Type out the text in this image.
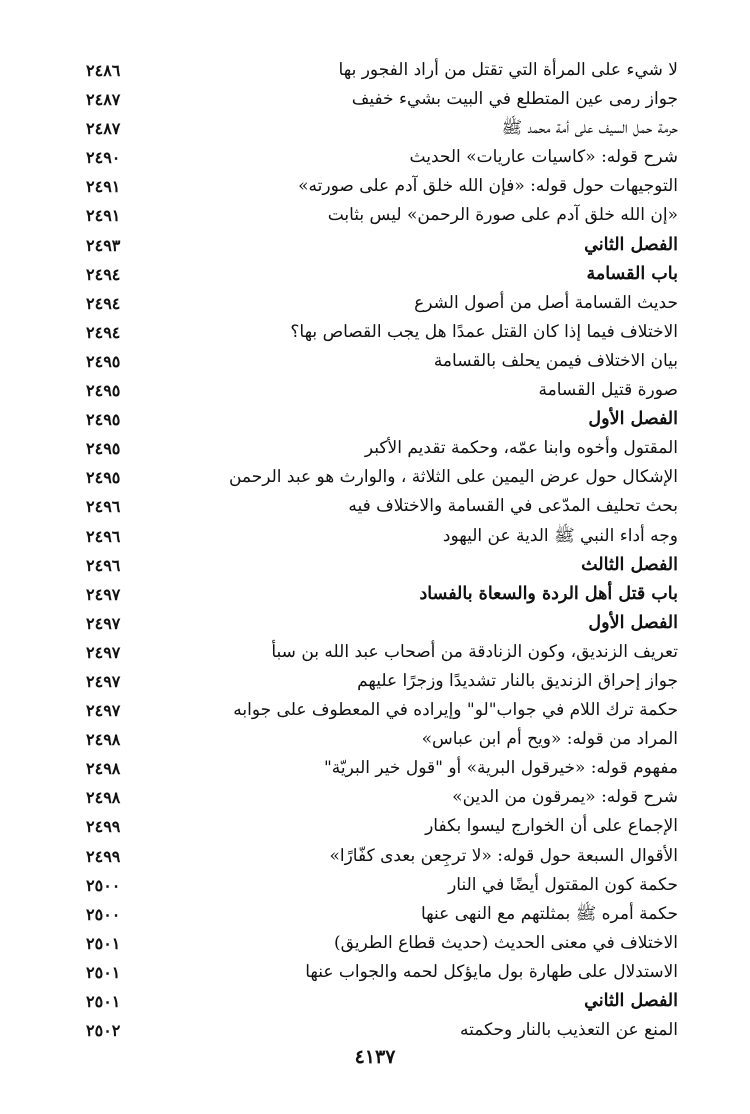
لا شيء على المرأة التي تقتل من أراد الفجور بها
٢٤٨٦
جواز رمى عين المتطلع في البيت بشيء خفيف
٢٤٨٧
حرمة حمل السيف على أمة محمد ﷺ
٢٤٨٧
شرح قوله: «كاسيات عاريات» الحديث
٢٤٩٠
التوجيهات حول قوله: «فإن الله خلق آدم على صورته»
٢٤٩١
«إن الله خلق آدم على صورة الرحمن» ليس بثابت
٢٤٩١
الفصل الثاني
٢٤٩٣
باب القسامة
٢٤٩٤
حديث القسامة أصل من أصول الشرع
٢٤٩٤
الاختلاف فيما إذا كان القتل عمدًا هل يجب القصاص بها؟
٢٤٩٤
بيان الاختلاف فيمن يحلف بالقسامة
٢٤٩٥
صورة قتيل القسامة
٢٤٩٥
الفصل الأول
٢٤٩٥
المقتول وأخوه وابنا عمّه، وحكمة تقديم الأكبر
٢٤٩٥
الإشكال حول عرض اليمين على الثلاثة ، والوارث هو عبد الرحمن
٢٤٩٥
بحث تحليف المدّعى في القسامة والاختلاف فيه
٢٤٩٦
وجه أداء النبي ﷺ الدية عن اليهود
٢٤٩٦
الفصل الثالث
٢٤٩٦
باب قتل أهل الردة والسعاة بالفساد
٢٤٩٧
الفصل الأول
٢٤٩٧
تعريف الزنديق، وكون الزنادقة من أصحاب عبد الله بن سبأ
٢٤٩٧
جواز إحراق الزنديق بالنار تشديدًا وزجرًا عليهم
٢٤٩٧
حكمة ترك اللام في جواب"لو" وإيراده في المعطوف على جوابه
٢٤٩٧
المراد من قوله: «ويح أم ابن عباس»
٢٤٩٨
مفهوم قوله: «خيرقول البرية» أو "قول خير البريّة"
٢٤٩٨
شرح قوله: «يمرقون من الدين»
٢٤٩٨
الإجماع على أن الخوارج ليسوا بكفار
٢٤٩٩
الأقوال السبعة حول قوله: «لا ترجِعن بعدى كفّارًا»
٢٤٩٩
حكمة كون المقتول أيضًا في النار
٢٥٠٠
حكمة أمره ﷺ بمثلتهم مع النهى عنها
٢٥٠٠
الاختلاف في معنى الحديث (حديث قطاع الطريق)
٢٥٠١
الاستدلال على طهارة بول مايؤكل لحمه والجواب عنها
٢٥٠١
الفصل الثاني
٢٥٠١
المنع عن التعذيب بالنار وحكمته
٢٥٠٢
٤١٣٧
